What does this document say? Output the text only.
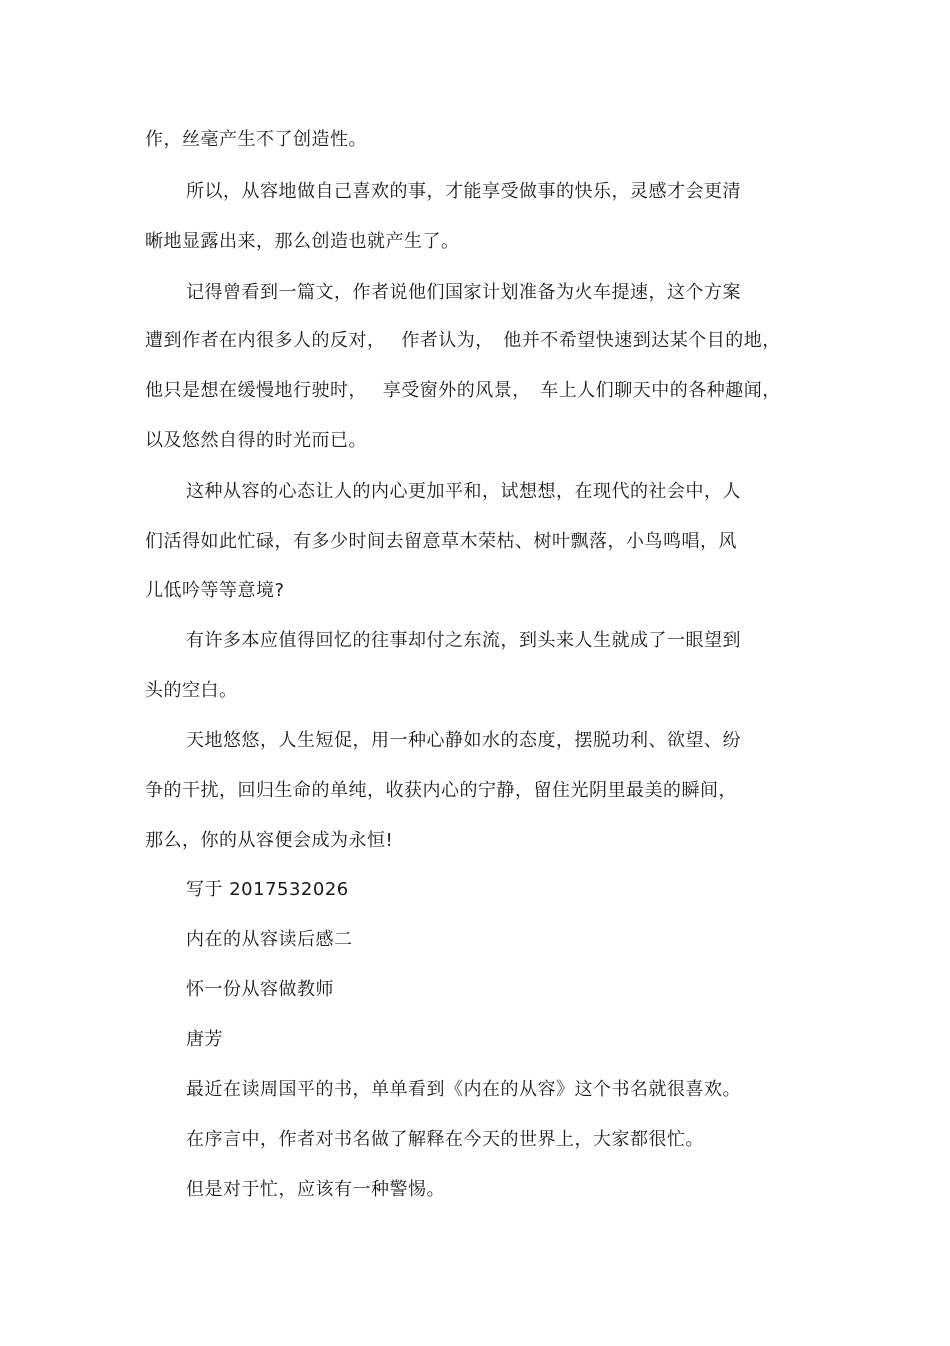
作，丝毫产生不了创造性。
所以，从容地做自己喜欢的事，才能享受做事的快乐，灵感才会更清
晰地显露出来，那么创造也就产生了。
记得曾看到一篇文，作者说他们国家计划准备为火车提速，这个方案
遭到作者在内很多人的反对，　 作者认为，　他并不希望快速到达某个目的地，
他只是想在缓慢地行驶时，　 享受窗外的风景，　车上人们聊天中的各种趣闻，
以及悠然自得的时光而已。
这种从容的心态让人的内心更加平和，试想想，在现代的社会中，人
们活得如此忙碌，有多少时间去留意草木荣枯、树叶飘落，小鸟鸣唱，风
儿低吟等等意境?
有许多本应值得回忆的往事却付之东流，到头来人生就成了一眼望到
头的空白。
天地悠悠，人生短促，用一种心静如水的态度，摆脱功利、欲望、纷
争的干扰，回归生命的单纯，收获内心的宁静，留住光阴里最美的瞬间，
那么，你的从容便会成为永恒!
写于 2017532026
内在的从容读后感二
怀一份从容做教师
唐芳
最近在读周国平的书，单单看到《内在的从容》这个书名就很喜欢。
在序言中，作者对书名做了解释在今天的世界上，大家都很忙。
但是对于忙，应该有一种警惕。
